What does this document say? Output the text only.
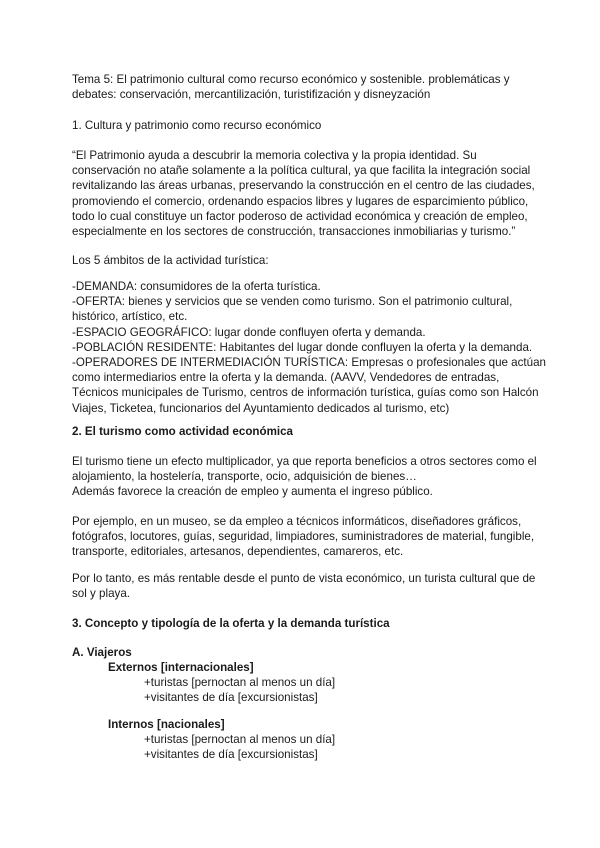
Tema 5: El patrimonio cultural como recurso económico y sostenible. problemáticas y
debates: conservación, mercantilización, turistifización y disneyzación

1. Cultura y patrimonio como recurso económico

“El Patrimonio ayuda a descubrir la memoria colectiva y la propia identidad. Su
conservación no atañe solamente a la política cultural, ya que facilita la integración social
revitalizando las áreas urbanas, preservando la construcción en el centro de las ciudades,
promoviendo el comercio, ordenando espacios libres y lugares de esparcimiento público,
todo lo cual constituye un factor poderoso de actividad económica y creación de empleo,
especialmente en los sectores de construcción, transacciones inmobiliarias y turismo.”

Los 5 ámbitos de la actividad turística:

-DEMANDA: consumidores de la oferta turística.
-OFERTA: bienes y servicios que se venden como turismo. Son el patrimonio cultural,
histórico, artístico, etc.
-ESPACIO GEOGRÁFICO: lugar donde confluyen oferta y demanda.
-POBLACIÓN RESIDENTE: Habitantes del lugar donde confluyen la oferta y la demanda.
-OPERADORES DE INTERMEDIACIÓN TURÍSTICA: Empresas o profesionales que actúan
como intermediarios entre la oferta y la demanda. (AAVV, Vendedores de entradas,
Técnicos municipales de Turismo, centros de información turística, guías como son Halcón
Viajes, Ticketea, funcionarios del Ayuntamiento dedicados al turismo, etc)

2. El turismo como actividad económica

El turismo tiene un efecto multiplicador, ya que reporta beneficios a otros sectores como el
alojamiento, la hostelería, transporte, ocio, adquisición de bienes…
Además favorece la creación de empleo y aumenta el ingreso público.

Por ejemplo, en un museo, se da empleo a técnicos informáticos, diseñadores gráficos,
fotógrafos, locutores, guías, seguridad, limpiadores, suministradores de material, fungible,
transporte, editoriales, artesanos, dependientes, camareros, etc.

Por lo tanto, es más rentable desde el punto de vista económico, un turista cultural que de
sol y playa.

3. Concepto y tipología de la oferta y la demanda turística

A. Viajeros

Externos [internacionales]

+turistas [pernoctan al menos un día]
+visitantes de día [excursionistas]

Internos [nacionales]

+turistas [pernoctan al menos un día]
+visitantes de día [excursionistas]
